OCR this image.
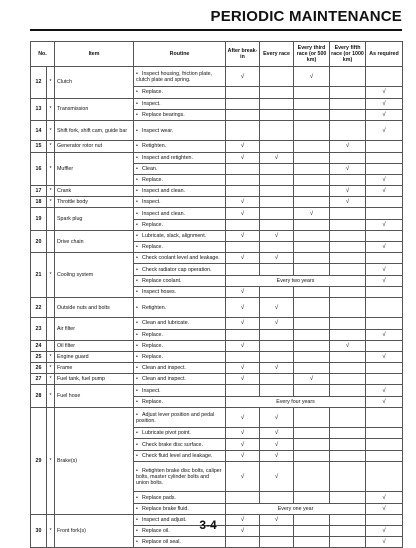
PERIODIC MAINTENANCE
No.		Item	Routine	After break-in	Every race	Every third race (or 500 km)	Every fifth race (or 1000 km)	As required
12	*	Clutch	• Inspect housing, friction plate, clutch plate and spring.	√		√		
			• Replace.					√
13	*	Transmission	• Inspect.					√
			• Replace bearings.					√
14	*	Shift fork, shift cam, guide bar	• Inspect wear.					√
15	*	Generator rotor nut	• Retighten.	√			√	
16	*	Muffler	• Inspect and retighten.	√	√			
			• Clean.				√	
			• Replace.					√
17	*	Crank	• Inspect and clean.				√	√
18	*	Throttle body	• Inspect.	√			√	
19		Spark plug	• Inspect and clean.	√		√		
			• Replace.					√
20		Drive chain	• Lubricate, slack, alignment.	√	√			
			• Replace.					√
21	*	Cooling system	• Check coolant level and leakage.	√	√			
			• Check radiator cap operation.					√
			• Replace coolant.	Every two years				√
			• Inspect hoses.	√				
22		Outside nuts and bolts	• Retighten.	√	√			
23		Air filter	• Clean and lubricate.	√	√			
			• Replace.					√
24		Oil filter	• Replace.	√			√	
25	*	Engine guard	• Replace.					√
26	*	Frame	• Clean and inspect.	√	√			
27	*	Fuel tank, fuel pump	• Clean and inspect.	√		√		
28	*	Fuel hose	• Inspect.					√
			• Replace.	Every four years				√
29	*	Brake(s)	• Adjust lever position and pedal position.	√	√			
			• Lubricate pivot point.	√	√			
			• Check brake disc surface.	√	√			
			• Check fluid level and leakage.	√	√			
			• Retighten brake disc bolts, caliper bolts, master cylinder bolts and union bolts.	√	√			
			• Replace pads.					√
			• Replace brake fluid.	Every one year				√
30	*	Front fork(s)	• Inspect and adjust.	√	√			
			• Replace oil.	√				√
			• Replace oil seal.					√
3-4
